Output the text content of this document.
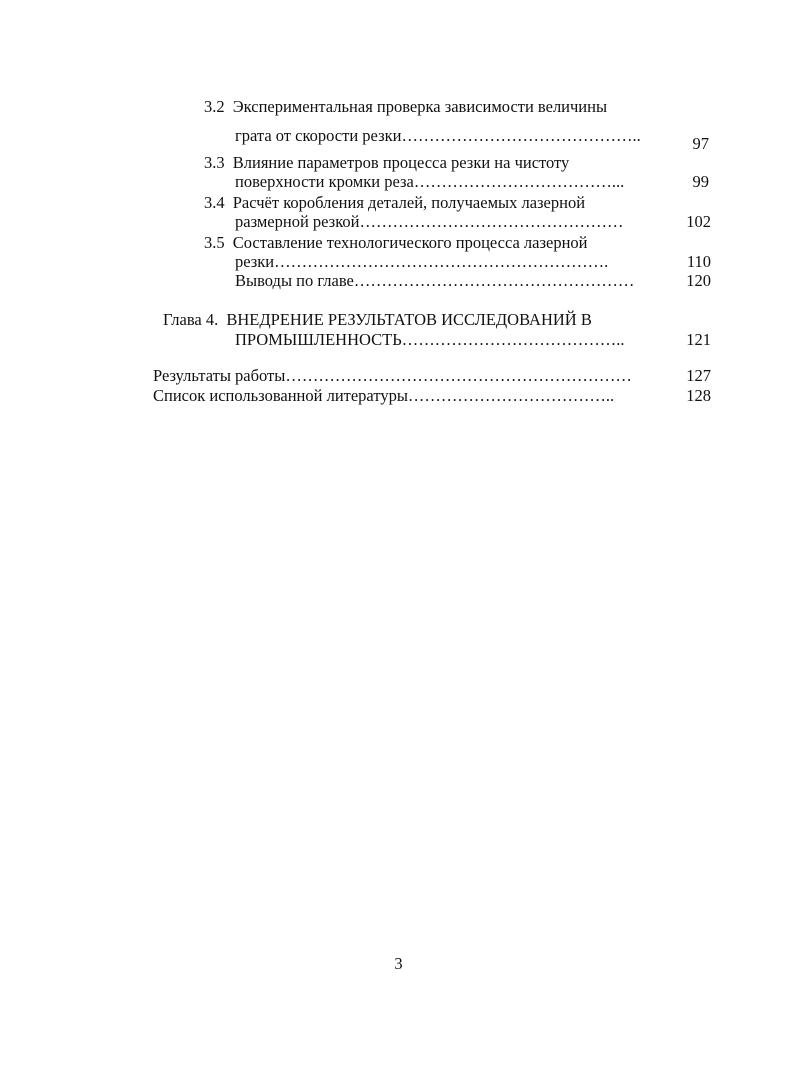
3.2 Экспериментальная проверка зависимости величины
грата от скорости резки……………………………………..	97
3.3 Влияние параметров процесса резки на чистоту
поверхности кромки реза………………………………...	99
3.4 Расчёт коробления деталей, получаемых лазерной
размерной резкой…………………………………………	102
3.5 Составление технологического процесса лазерной
резки…………………………………………………….	110
Выводы по главе……………………………………………	120
Глава 4. ВНЕДРЕНИЕ РЕЗУЛЬТАТОВ ИССЛЕДОВАНИЙ В
ПРОМЫШЛЕННОСТЬ…………………………………..	121
Результаты работы………………………………………………………	127
Список использованной литературы………………………………..	128
3
